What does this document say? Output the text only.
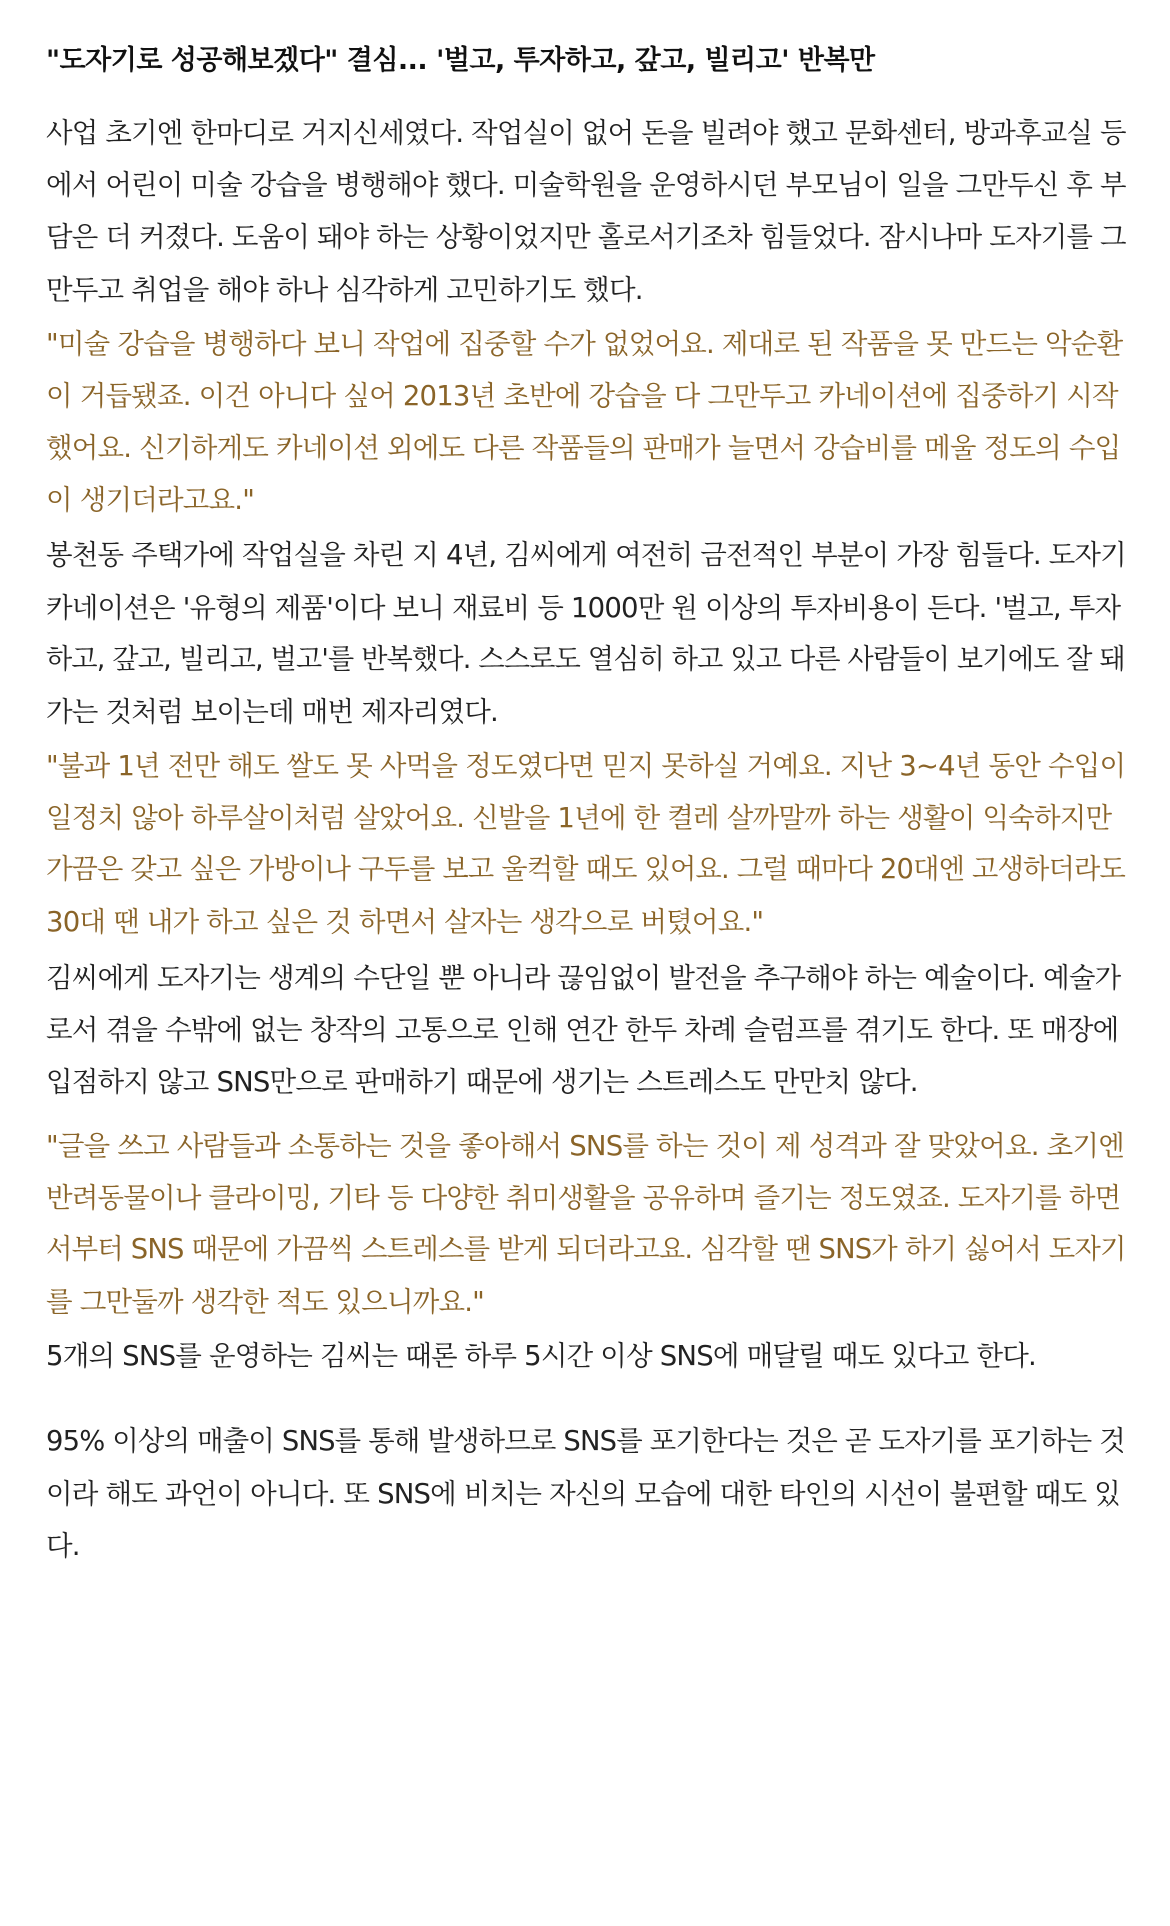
"도자기로 성공해보겠다" 결심... '벌고, 투자하고, 갚고, 빌리고' 반복만
사업 초기엔 한마디로 거지신세였다. 작업실이 없어 돈을 빌려야 했고 문화센터, 방과후교실 등
에서 어린이 미술 강습을 병행해야 했다. 미술학원을 운영하시던 부모님이 일을 그만두신 후 부
담은 더 커졌다. 도움이 돼야 하는 상황이었지만 홀로서기조차 힘들었다. 잠시나마 도자기를 그
만두고 취업을 해야 하나 심각하게 고민하기도 했다.
"미술 강습을 병행하다 보니 작업에 집중할 수가 없었어요. 제대로 된 작품을 못 만드는 악순환
이 거듭됐죠. 이건 아니다 싶어 2013년 초반에 강습을 다 그만두고 카네이션에 집중하기 시작
했어요. 신기하게도 카네이션 외에도 다른 작품들의 판매가 늘면서 강습비를 메울 정도의 수입
이 생기더라고요."
봉천동 주택가에 작업실을 차린 지 4년, 김씨에게 여전히 금전적인 부분이 가장 힘들다. 도자기
카네이션은 '유형의 제품'이다 보니 재료비 등 1000만 원 이상의 투자비용이 든다. '벌고, 투자
하고, 갚고, 빌리고, 벌고'를 반복했다. 스스로도 열심히 하고 있고 다른 사람들이 보기에도 잘 돼
가는 것처럼 보이는데 매번 제자리였다.
"불과 1년 전만 해도 쌀도 못 사먹을 정도였다면 믿지 못하실 거예요. 지난 3~4년 동안 수입이
일정치 않아 하루살이처럼 살았어요. 신발을 1년에 한 켤레 살까말까 하는 생활이 익숙하지만
가끔은 갖고 싶은 가방이나 구두를 보고 울컥할 때도 있어요. 그럴 때마다 20대엔 고생하더라도
30대 땐 내가 하고 싶은 것 하면서 살자는 생각으로 버텼어요."
김씨에게 도자기는 생계의 수단일 뿐 아니라 끊임없이 발전을 추구해야 하는 예술이다. 예술가
로서 겪을 수밖에 없는 창작의 고통으로 인해 연간 한두 차례 슬럼프를 겪기도 한다. 또 매장에
입점하지 않고 SNS만으로 판매하기 때문에 생기는 스트레스도 만만치 않다.
"글을 쓰고 사람들과 소통하는 것을 좋아해서 SNS를 하는 것이 제 성격과 잘 맞았어요. 초기엔
반려동물이나 클라이밍, 기타 등 다양한 취미생활을 공유하며 즐기는 정도였죠. 도자기를 하면
서부터 SNS 때문에 가끔씩 스트레스를 받게 되더라고요. 심각할 땐 SNS가 하기 싫어서 도자기
를 그만둘까 생각한 적도 있으니까요."
5개의 SNS를 운영하는 김씨는 때론 하루 5시간 이상 SNS에 매달릴 때도 있다고 한다.
95% 이상의 매출이 SNS를 통해 발생하므로 SNS를 포기한다는 것은 곧 도자기를 포기하는 것
이라 해도 과언이 아니다. 또 SNS에 비치는 자신의 모습에 대한 타인의 시선이 불편할 때도 있
다.
